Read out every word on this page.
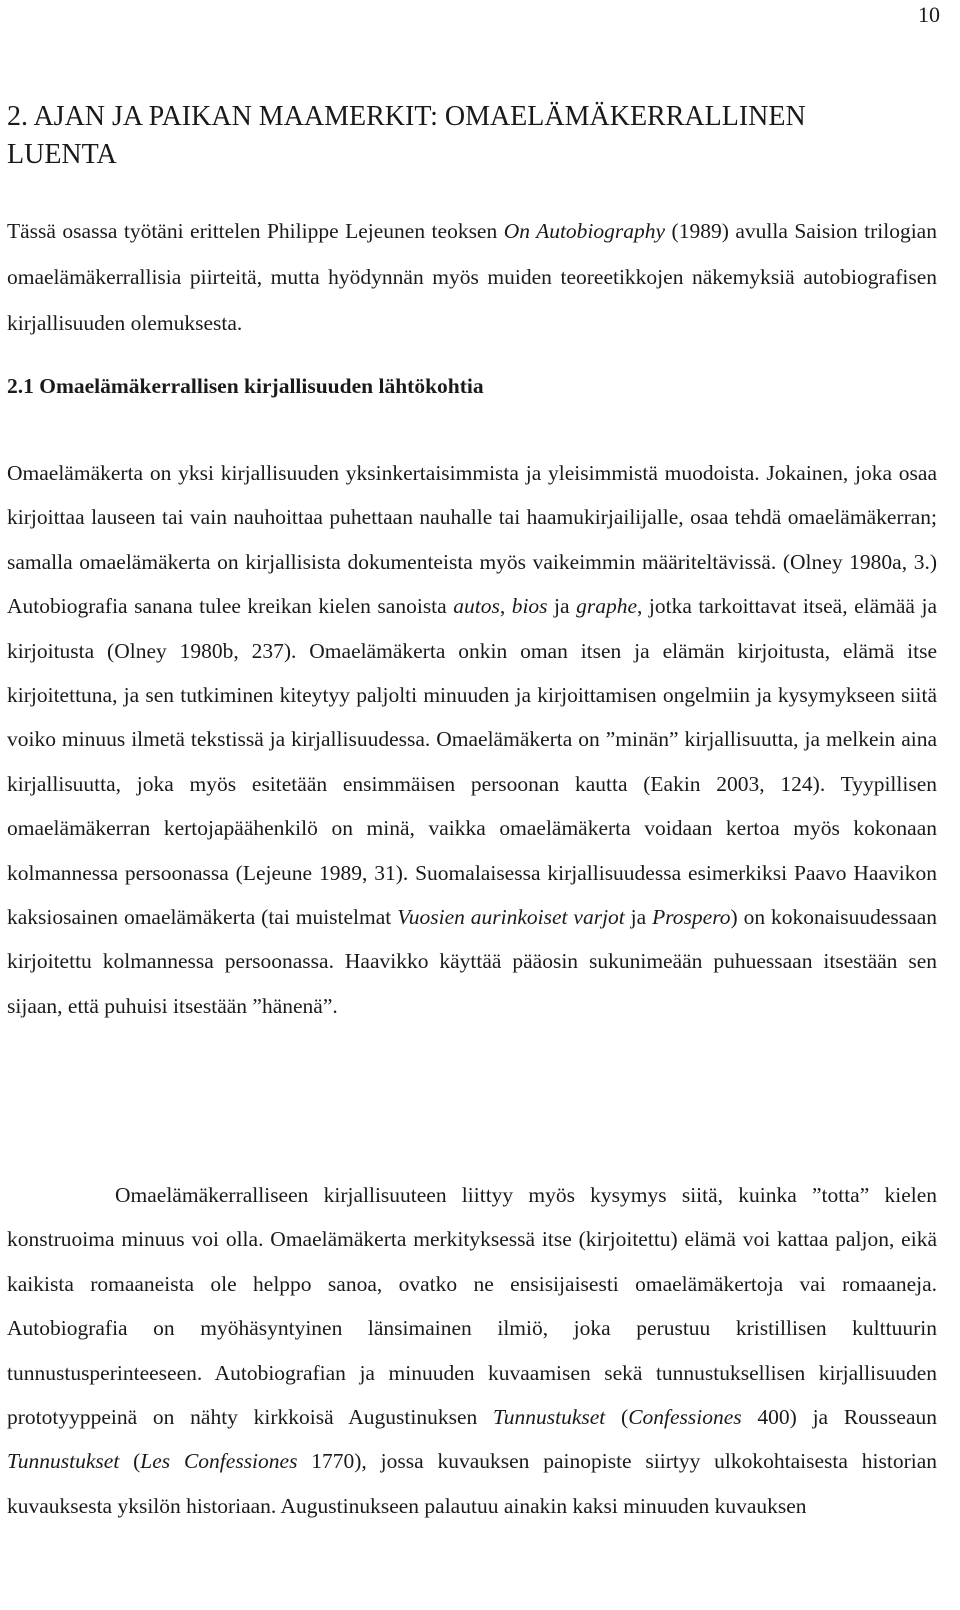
10
2. AJAN JA PAIKAN MAAMERKIT: OMAELÄMÄKERRALLINEN LUENTA

Tässä osassa työtäni erittelen Philippe Lejeunen teoksen On Autobiography (1989) avulla Saision trilogian omaelämäkerrallisia piirteitä, mutta hyödynnän myös muiden teoreetikkojen näkemyksiä autobiografisen kirjallisuuden olemuksesta.

2.1 Omaelämäkerrallisen kirjallisuuden lähtökohtia

Omaelämäkerta on yksi kirjallisuuden yksinkertaisimmista ja yleisimmistä muodoista. Jokainen, joka osaa kirjoittaa lauseen tai vain nauhoittaa puhettaan nauhalle tai haamukirjailijalle, osaa tehdä omaelämäkerran; samalla omaelämäkerta on kirjallisista dokumenteista myös vaikeimmin määriteltävissä. (Olney 1980a, 3.) Autobiografia sanana tulee kreikan kielen sanoista autos, bios ja graphe, jotka tarkoittavat itseä, elämää ja kirjoitusta (Olney 1980b, 237). Omaelämäkerta onkin oman itsen ja elämän kirjoitusta, elämä itse kirjoitettuna, ja sen tutkiminen kiteytyy paljolti minuuden ja kirjoittamisen ongelmiin ja kysymykseen siitä voiko minuus ilmetä tekstissä ja kirjallisuudessa. Omaelämäkerta on ”minän” kirjallisuutta, ja melkein aina kirjallisuutta, joka myös esitetään ensimmäisen persoonan kautta (Eakin 2003, 124). Tyypillisen omaelämäkerran kertojapäähenkilö on minä, vaikka omaelämäkerta voidaan kertoa myös kokonaan kolmannessa persoonassa (Lejeune 1989, 31). Suomalaisessa kirjallisuudessa esimerkiksi Paavo Haavikon kaksiosainen omaelämäkerta (tai muistelmat Vuosien aurinkoiset varjot ja Prospero) on kokonaisuudessaan kirjoitettu kolmannessa persoonassa. Haavikko käyttää pääosin sukunimeään puhuessaan itsestään sen sijaan, että puhuisi itsestään ”hänenä”.

Omaelämäkerralliseen kirjallisuuteen liittyy myös kysymys siitä, kuinka ”totta” kielen konstruoima minuus voi olla. Omaelämäkerta merkityksessä itse (kirjoitettu) elämä voi kattaa paljon, eikä kaikista romaaneista ole helppo sanoa, ovatko ne ensisijaisesti omaelämäkertoja vai romaaneja. Autobiografia on myöhäsyntyinen länsimainen ilmiö, joka perustuu kristillisen kulttuurin tunnustusperinteeseen. Autobiografian ja minuuden kuvaamisen sekä tunnustuksellisen kirjallisuuden prototyyppeinä on nähty kirkkoisä Augustinuksen Tunnustukset (Confessiones 400) ja Rousseaun Tunnustukset (Les Confessiones 1770), jossa kuvauksen painopiste siirtyy ulkokohtaisesta historian kuvauksesta yksilön historiaan. Augustinukseen palautuu ainakin kaksi minuuden kuvauksen
